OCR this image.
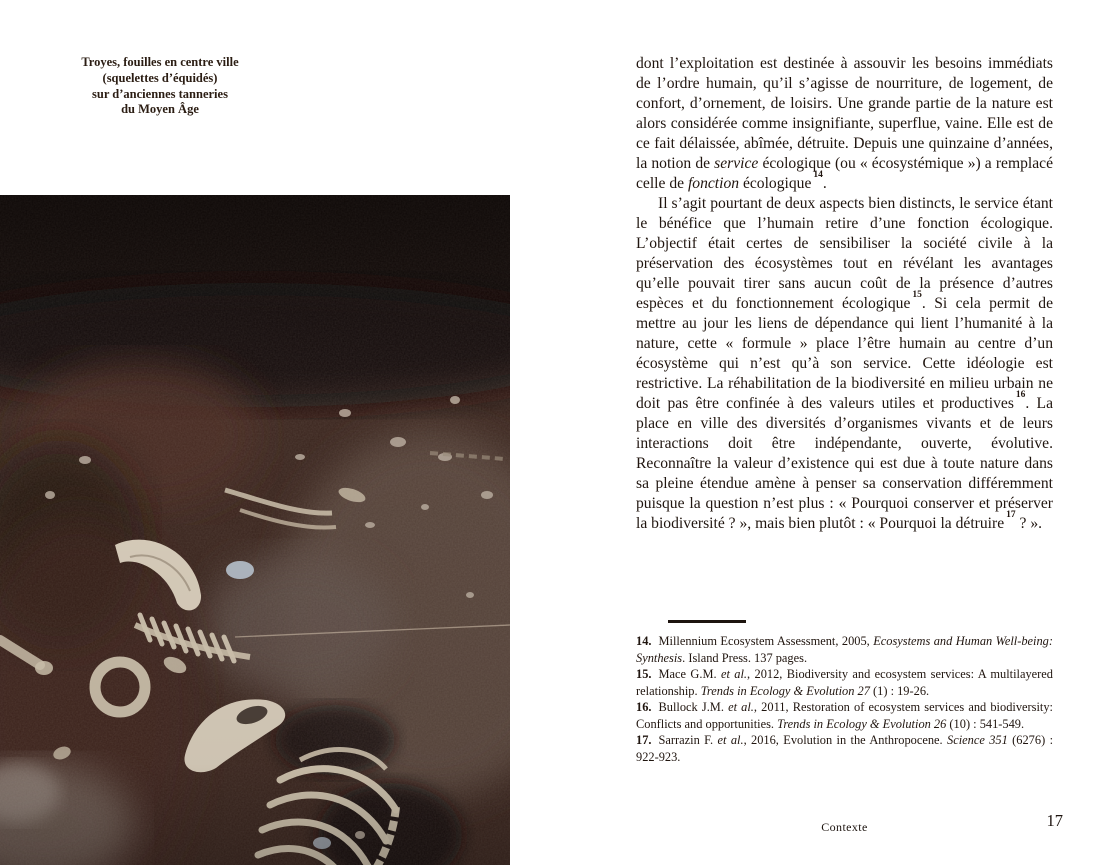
Troyes, fouilles en centre ville
(squelettes d’équidés)
sur d’anciennes tanneries
du Moyen Âge

dont l’exploitation est destinée à assouvir les besoins immédiats de l’ordre humain, qu’il s’agisse de nourriture, de logement, de confort, d’ornement, de loisirs. Une grande partie de la nature est alors considérée comme insignifiante, superflue, vaine. Elle est de ce fait délaissée, abîmée, détruite. Depuis une quinzaine d’années, la notion de service écologique (ou « écosystémique ») a remplacé celle de fonction écologique$^{14}$.

Il s’agit pourtant de deux aspects bien distincts, le service étant le bénéfice que l’humain retire d’une fonction écologique. L’objectif était certes de sensibiliser la société civile à la préservation des écosystèmes tout en révélant les avantages qu’elle pouvait tirer sans aucun coût de la présence d’autres espèces et du fonctionnement écologique$^{15}$. Si cela permit de mettre au jour les liens de dépendance qui lient l’humanité à la nature, cette « formule » place l’être humain au centre d’un écosystème qui n’est qu’à son service. Cette idéologie est restrictive. La réhabilitation de la biodiversité en milieu urbain ne doit pas être confinée à des valeurs utiles et productives$^{16}$. La place en ville des diversités d’organismes vivants et de leurs interactions doit être indépendante, ouverte, évolutive. Reconnaître la valeur d’existence qui est due à toute nature dans sa pleine étendue amène à penser sa conservation différemment puisque la question n’est plus : « Pourquoi conserver et préserver la biodiversité ? », mais bien plutôt : « Pourquoi la détruire$^{17}$ ? ».

14. Millennium Ecosystem Assessment, 2005, Ecosystems and Human Well-being: Synthesis. Island Press. 137 pages.

15. Mace G.M. et al., 2012, Biodiversity and ecosystem services: A multilayered relationship. Trends in Ecology & Evolution 27 (1) : 19-26.

16. Bullock J.M. et al., 2011, Restoration of ecosystem services and biodiversity: Conflicts and opportunities. Trends in Ecology & Evolution 26 (10) : 541-549.

17. Sarrazin F. et al., 2016, Evolution in the Anthropocene. Science 351 (6276) : 922-923.

Contexte	17
